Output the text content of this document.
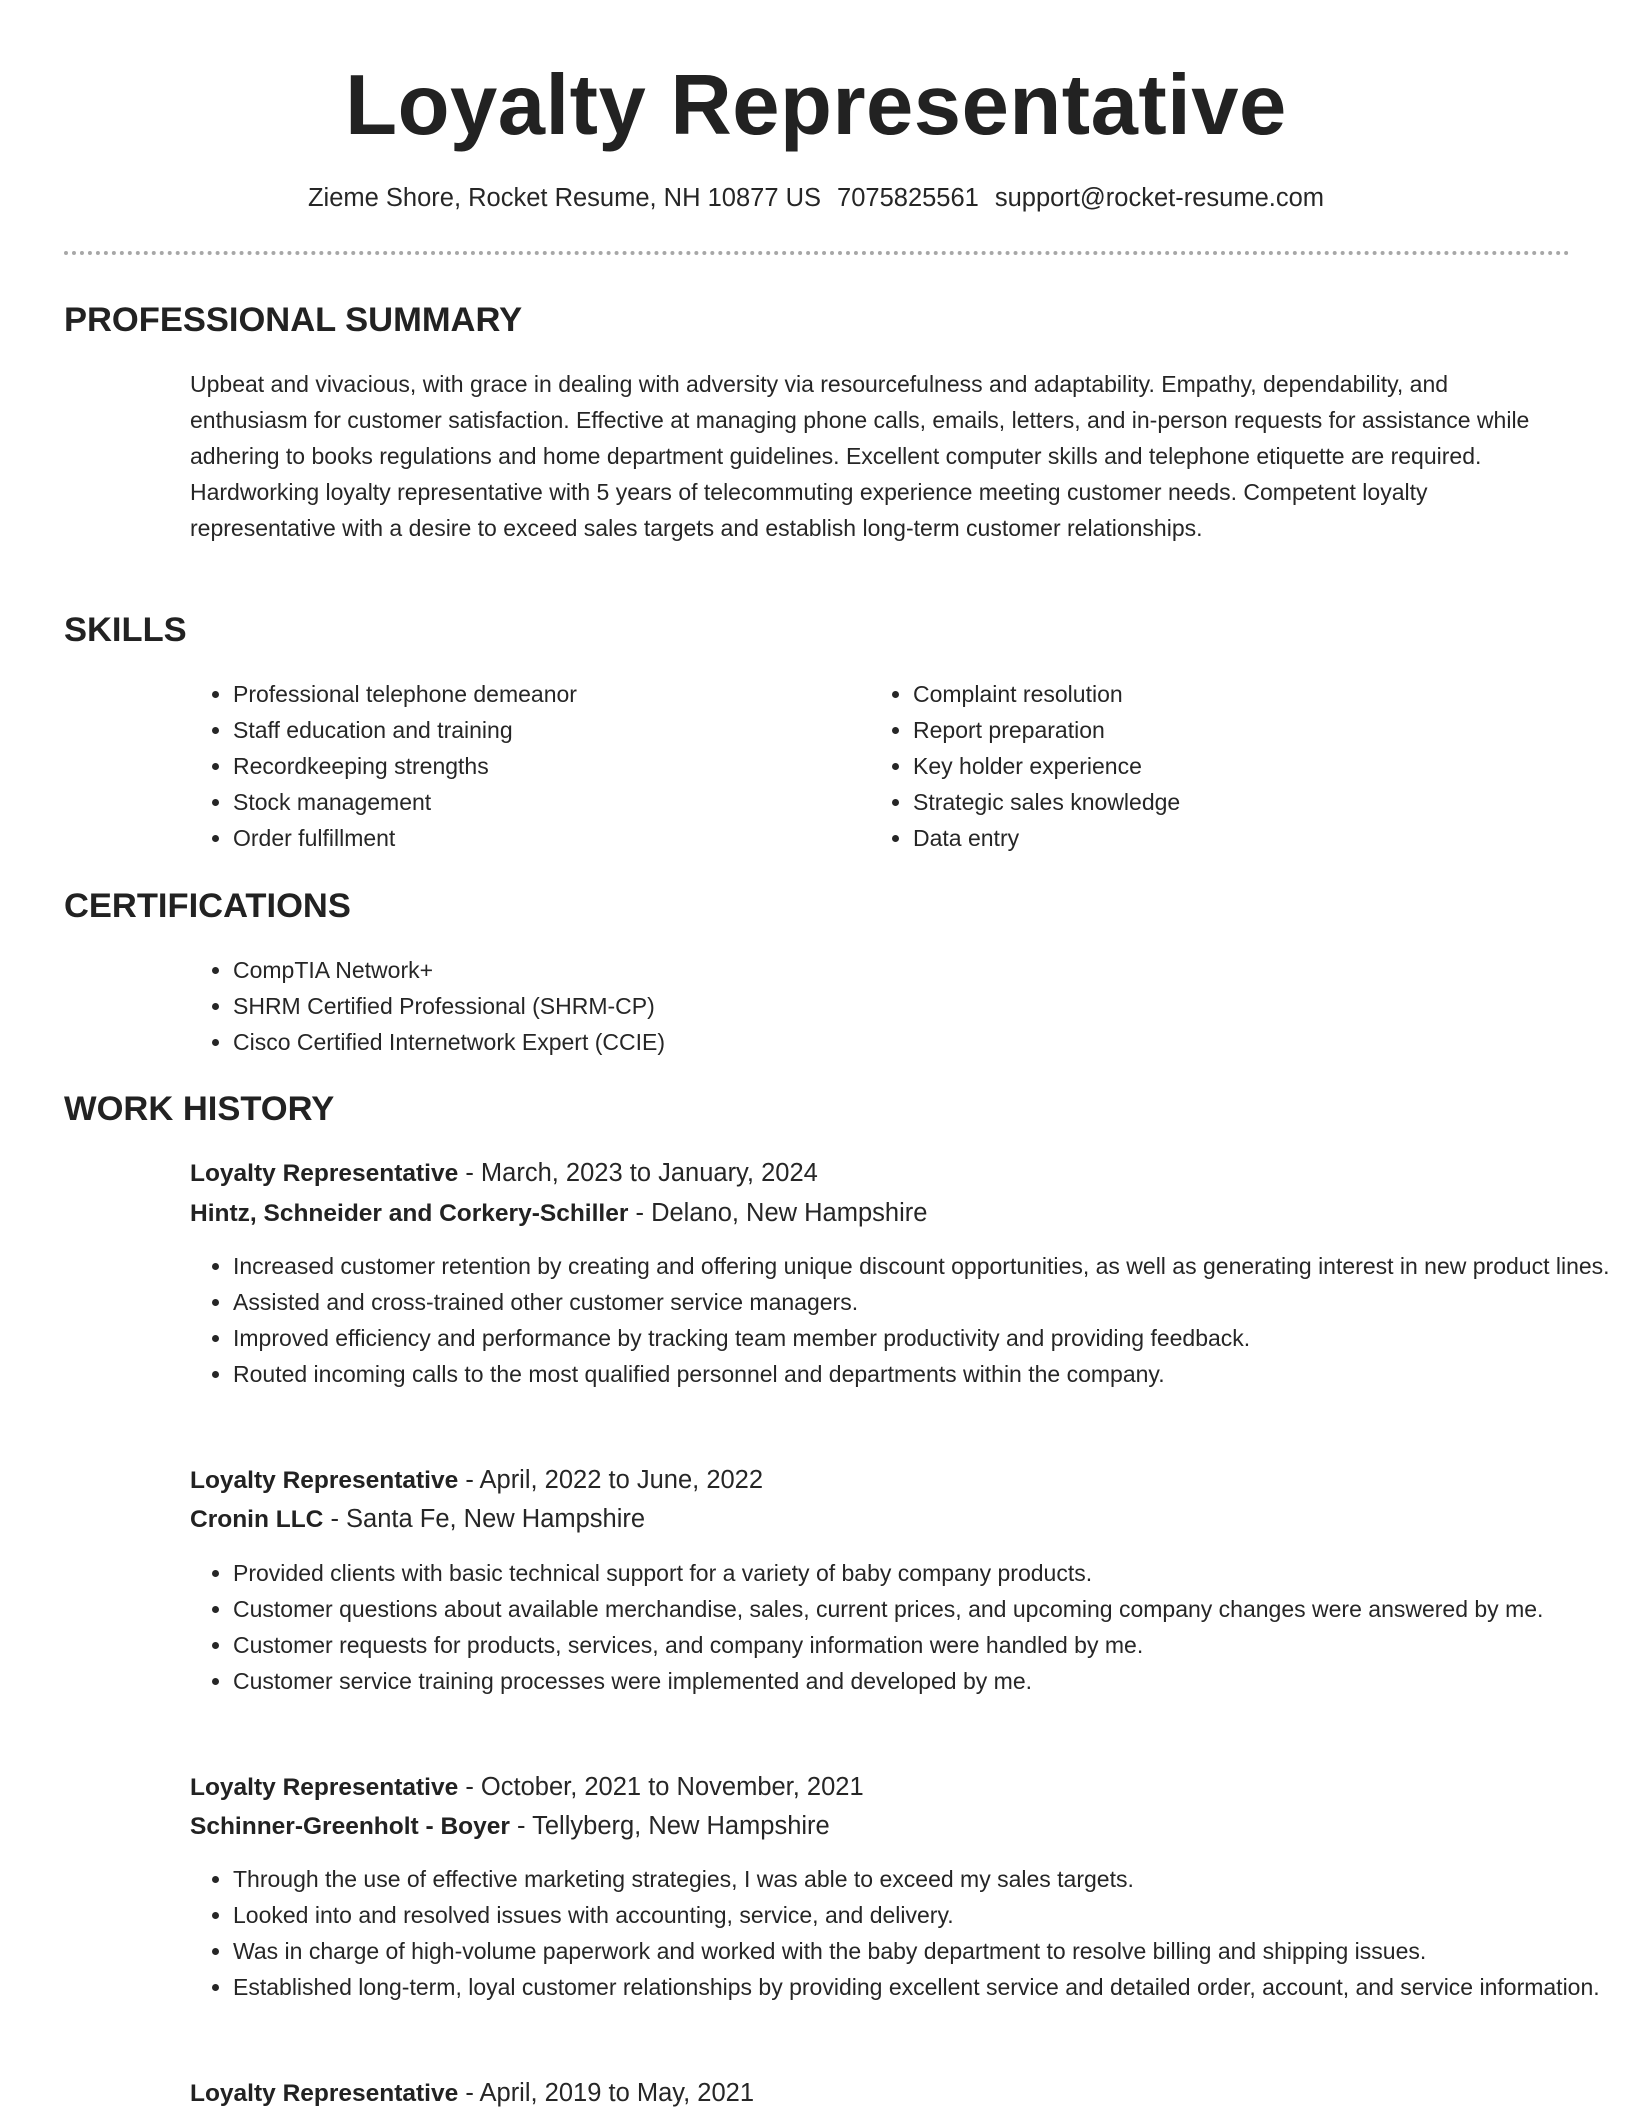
Loyalty Representative
Zieme Shore, Rocket Resume, NH 10877 US 7075825561 support@rocket-resume.com
PROFESSIONAL SUMMARY

Upbeat and vivacious, with grace in dealing with adversity via resourcefulness and adaptability. Empathy, dependability, and enthusiasm for customer satisfaction. Effective at managing phone calls, emails, letters, and in-person requests for assistance while adhering to books regulations and home department guidelines. Excellent computer skills and telephone etiquette are required. Hardworking loyalty representative with 5 years of telecommuting experience meeting customer needs. Competent loyalty representative with a desire to exceed sales targets and establish long-term customer relationships.

SKILLS
• Professional telephone demeanor
• Staff education and training
• Recordkeeping strengths
• Stock management
• Order fulfillment
• Complaint resolution
• Report preparation
• Key holder experience
• Strategic sales knowledge
• Data entry
CERTIFICATIONS
• CompTIA Network+
• SHRM Certified Professional (SHRM-CP)
• Cisco Certified Internetwork Expert (CCIE)
WORK HISTORY
Loyalty Representative - March, 2023 to January, 2024
Hintz, Schneider and Corkery-Schiller - Delano, New Hampshire
• Increased customer retention by creating and offering unique discount opportunities, as well as generating interest in new product lines.
• Assisted and cross-trained other customer service managers.
• Improved efficiency and performance by tracking team member productivity and providing feedback.
• Routed incoming calls to the most qualified personnel and departments within the company.
Loyalty Representative - April, 2022 to June, 2022
Cronin LLC - Santa Fe, New Hampshire
• Provided clients with basic technical support for a variety of baby company products.
• Customer questions about available merchandise, sales, current prices, and upcoming company changes were answered by me.
• Customer requests for products, services, and company information were handled by me.
• Customer service training processes were implemented and developed by me.
Loyalty Representative - October, 2021 to November, 2021
Schinner-Greenholt - Boyer - Tellyberg, New Hampshire
• Through the use of effective marketing strategies, I was able to exceed my sales targets.
• Looked into and resolved issues with accounting, service, and delivery.
• Was in charge of high-volume paperwork and worked with the baby department to resolve billing and shipping issues.
• Established long-term, loyal customer relationships by providing excellent service and detailed order, account, and service information.
Loyalty Representative - April, 2019 to May, 2021
